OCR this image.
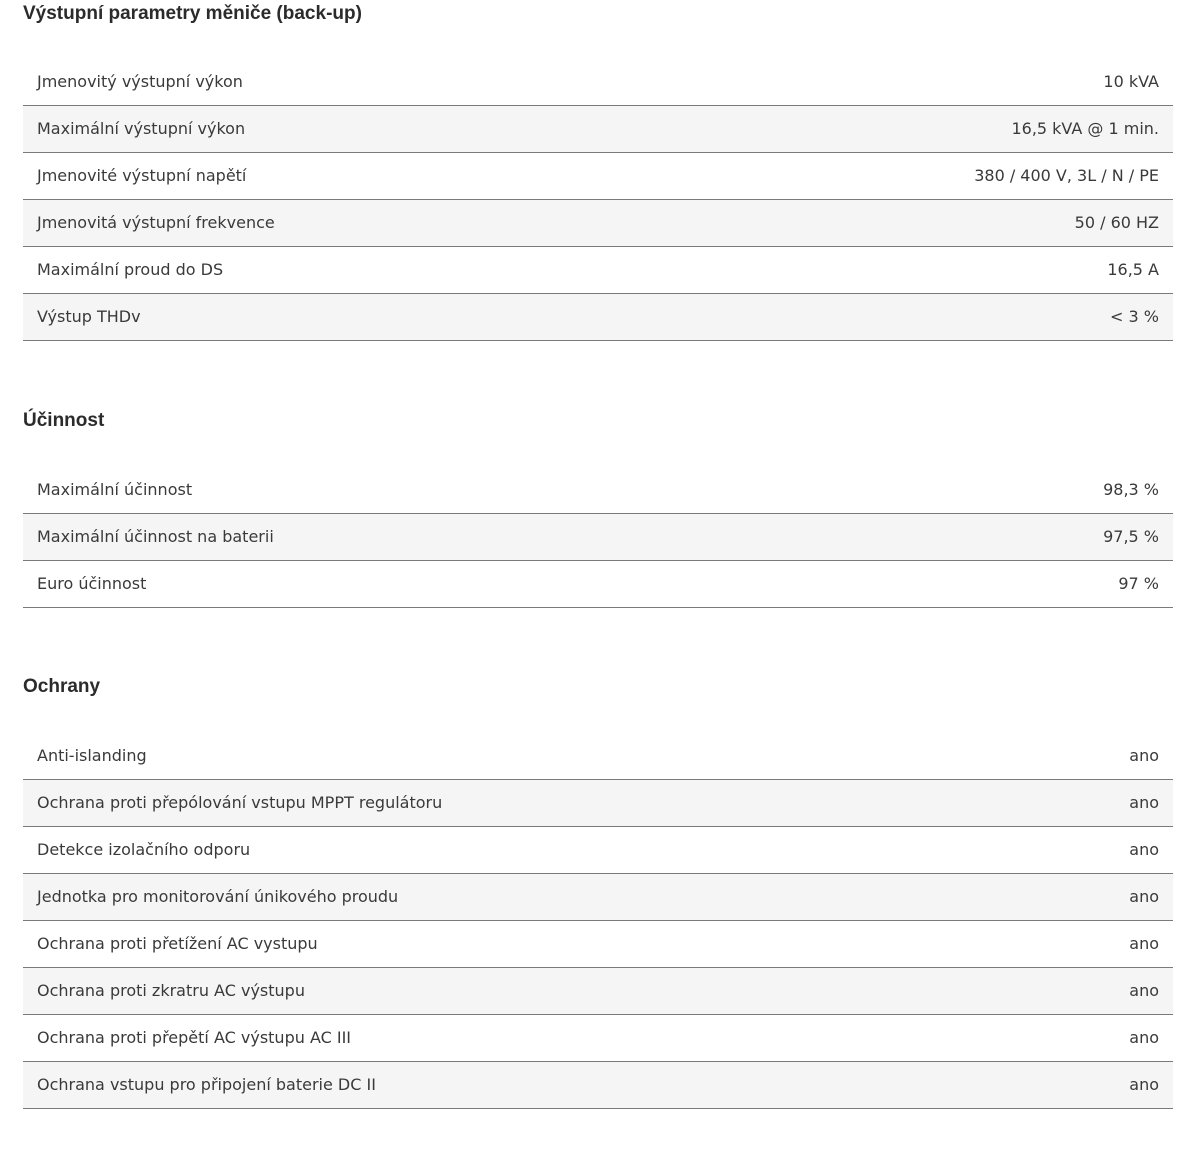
Výstupní parametry měniče (back-up)
Jmenovitý výstupní výkon	10 kVA
Maximální výstupní výkon	16,5 kVA @ 1 min.
Jmenovité výstupní napětí	380 / 400 V, 3L / N / PE
Jmenovitá výstupní frekvence	50 / 60 HZ
Maximální proud do DS	16,5 A
Výstup THDv	< 3 %
Účinnost
Maximální účinnost	98,3 %
Maximální účinnost na baterii	97,5 %
Euro účinnost	97 %
Ochrany
Anti-islanding	ano
Ochrana proti přepólování vstupu MPPT regulátoru	ano
Detekce izolačního odporu	ano
Jednotka pro monitorování únikového proudu	ano
Ochrana proti přetížení AC vystupu	ano
Ochrana proti zkratru AC výstupu	ano
Ochrana proti přepětí AC výstupu AC III	ano
Ochrana vstupu pro připojení baterie DC II	ano
